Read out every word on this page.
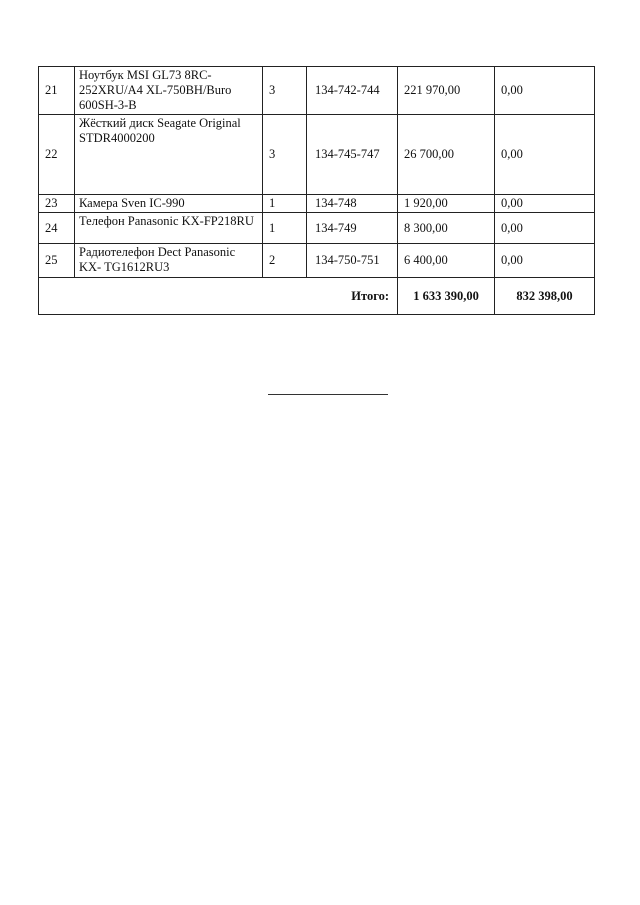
21	Ноутбук MSI GL73 8RC-252XRU/A4 XL-750BH/Buro 600SH-3-B	3	134-742-744	221 970,00	0,00
22	Жёсткий диск Seagate Original STDR4000200	3	134-745-747	26 700,00	0,00
23	Камера Sven IC-990	1	134-748	1 920,00	0,00
24	Телефон Panasonic KX-FP218RU	1	134-749	8 300,00	0,00
25	Радиотелефон Dect Panasonic KX- TG1612RU3	2	134-750-751	6 400,00	0,00
Итого:				1 633 390,00	832 398,00
